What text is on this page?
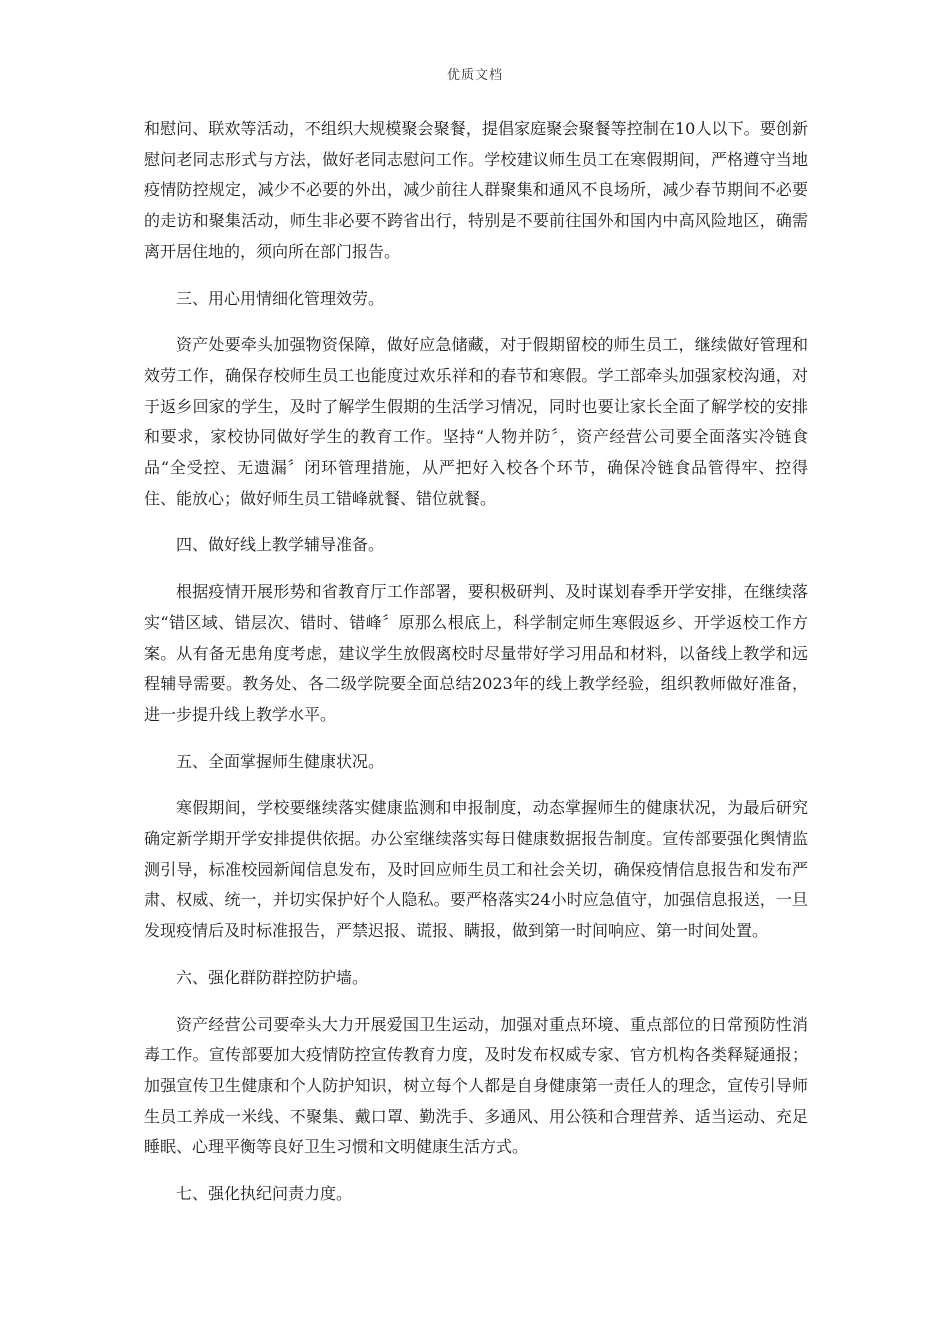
优质文档

和慰问、联欢等活动，不组织大规模聚会聚餐，提倡家庭聚会聚餐等控制在10人以下。要创新慰问老同志形式与方法，做好老同志慰问工作。学校建议师生员工在寒假期间，严格遵守当地疫情防控规定，减少不必要的外出，减少前往人群聚集和通风不良场所，减少春节期间不必要的走访和聚集活动，师生非必要不跨省出行，特别是不要前往国外和国内中高风险地区，确需离开居住地的，须向所在部门报告。

三、用心用情细化管理效劳。

资产处要牵头加强物资保障，做好应急储藏，对于假期留校的师生员工，继续做好管理和效劳工作，确保存校师生员工也能度过欢乐祥和的春节和寒假。学工部牵头加强家校沟通，对于返乡回家的学生，及时了解学生假期的生活学习情况，同时也要让家长全面了解学校的安排和要求，家校协同做好学生的教育工作。坚持“人物并防〞，资产经营公司要全面落实冷链食品“全受控、无遗漏〞闭环管理措施，从严把好入校各个环节，确保冷链食品管得牢、控得住、能放心；做好师生员工错峰就餐、错位就餐。

四、做好线上教学辅导准备。

根据疫情开展形势和省教育厅工作部署，要积极研判、及时谋划春季开学安排，在继续落实“错区域、错层次、错时、错峰〞原那么根底上，科学制定师生寒假返乡、开学返校工作方案。从有备无患角度考虑，建议学生放假离校时尽量带好学习用品和材料，以备线上教学和远程辅导需要。教务处、各二级学院要全面总结2023年的线上教学经验，组织教师做好准备，进一步提升线上教学水平。

五、全面掌握师生健康状况。

寒假期间，学校要继续落实健康监测和申报制度，动态掌握师生的健康状况，为最后研究确定新学期开学安排提供依据。办公室继续落实每日健康数据报告制度。宣传部要强化舆情监测引导，标准校园新闻信息发布，及时回应师生员工和社会关切，确保疫情信息报告和发布严肃、权威、统一，并切实保护好个人隐私。要严格落实24小时应急值守，加强信息报送，一旦发现疫情后及时标准报告，严禁迟报、谎报、瞒报，做到第一时间响应、第一时间处置。

六、强化群防群控防护墙。

资产经营公司要牵头大力开展爱国卫生运动，加强对重点环境、重点部位的日常预防性消毒工作。宣传部要加大疫情防控宣传教育力度，及时发布权威专家、官方机构各类释疑通报；加强宣传卫生健康和个人防护知识，树立每个人都是自身健康第一责任人的理念，宣传引导师生员工养成一米线、不聚集、戴口罩、勤洗手、多通风、用公筷和合理营养、适当运动、充足睡眠、心理平衡等良好卫生习惯和文明健康生活方式。

七、强化执纪问责力度。
